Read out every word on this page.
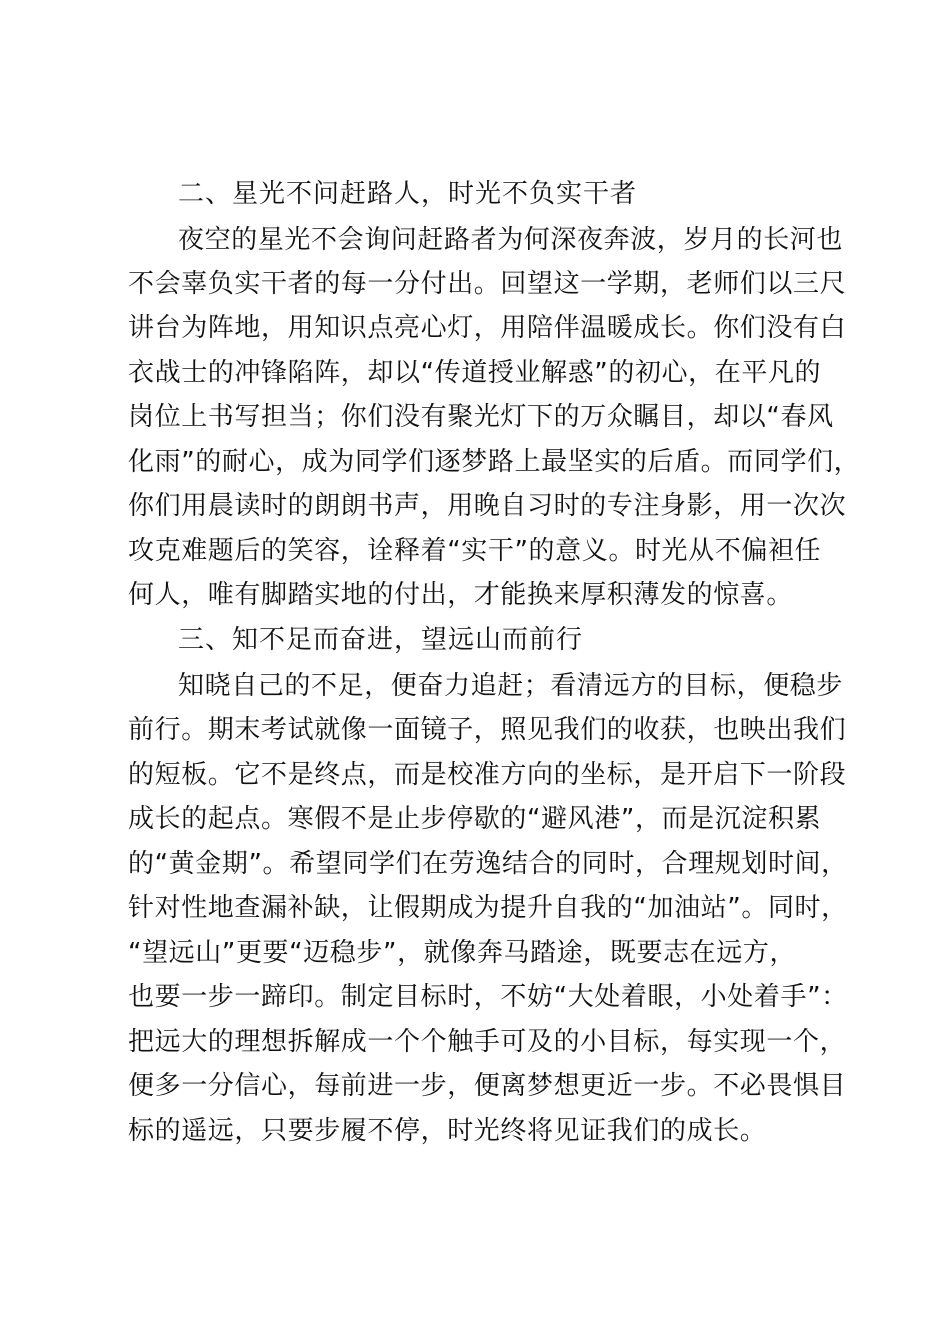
二、星光不问赶路人，时光不负实干者
夜空的星光不会询问赶路者为何深夜奔波，岁月的长河也
不会辜负实干者的每一分付出。回望这一学期，老师们以三尺
讲台为阵地，用知识点亮心灯，用陪伴温暖成长。你们没有白
衣战士的冲锋陷阵，却以“传道授业解惑”的初心，在平凡的
岗位上书写担当；你们没有聚光灯下的万众瞩目，却以“春风
化雨”的耐心，成为同学们逐梦路上最坚实的后盾。而同学们，
你们用晨读时的朗朗书声，用晚自习时的专注身影，用一次次
攻克难题后的笑容，诠释着“实干”的意义。时光从不偏袒任
何人，唯有脚踏实地的付出，才能换来厚积薄发的惊喜。
三、知不足而奋进，望远山而前行
知晓自己的不足，便奋力追赶；看清远方的目标，便稳步
前行。期末考试就像一面镜子，照见我们的收获，也映出我们
的短板。它不是终点，而是校准方向的坐标，是开启下一阶段
成长的起点。寒假不是止步停歇的“避风港”，而是沉淀积累
的“黄金期”。希望同学们在劳逸结合的同时，合理规划时间，
针对性地查漏补缺，让假期成为提升自我的“加油站”。同时，
“望远山”更要“迈稳步”，就像奔马踏途，既要志在远方，
也要一步一蹄印。制定目标时，不妨“大处着眼，小处着手”：
把远大的理想拆解成一个个触手可及的小目标，每实现一个，
便多一分信心，每前进一步，便离梦想更近一步。不必畏惧目
标的遥远，只要步履不停，时光终将见证我们的成长。
